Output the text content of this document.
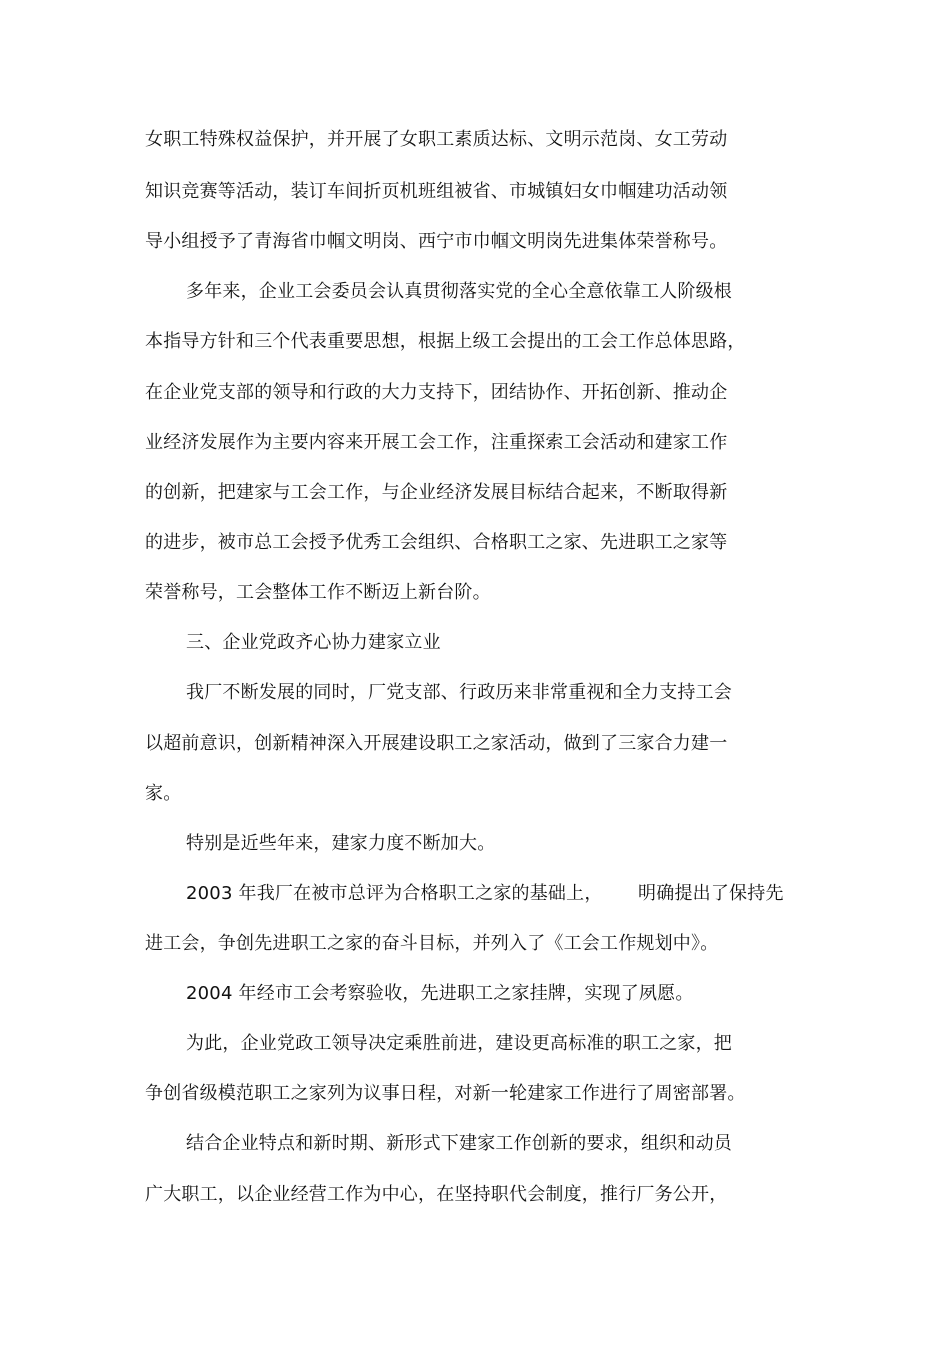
女职工特殊权益保护，并开展了女职工素质达标、文明示范岗、女工劳动
知识竞赛等活动，装订车间折页机班组被省、市城镇妇女巾帼建功活动领
导小组授予了青海省巾帼文明岗、西宁市巾帼文明岗先进集体荣誉称号。
多年来，企业工会委员会认真贯彻落实党的全心全意依靠工人阶级根
本指导方针和三个代表重要思想，根据上级工会提出的工会工作总体思路，
在企业党支部的领导和行政的大力支持下，团结协作、开拓创新、推动企
业经济发展作为主要内容来开展工会工作，注重探索工会活动和建家工作
的创新，把建家与工会工作，与企业经济发展目标结合起来，不断取得新
的进步，被市总工会授予优秀工会组织、合格职工之家、先进职工之家等
荣誉称号，工会整体工作不断迈上新台阶。
三、企业党政齐心协力建家立业
我厂不断发展的同时，厂党支部、行政历来非常重视和全力支持工会
以超前意识，创新精神深入开展建设职工之家活动，做到了三家合力建一
家。
特别是近些年来，建家力度不断加大。
2003 年我厂在被市总评为合格职工之家的基础上，      明确提出了保持先
进工会，争创先进职工之家的奋斗目标，并列入了《工会工作规划中》。
2004 年经市工会考察验收，先进职工之家挂牌，实现了夙愿。
为此，企业党政工领导决定乘胜前进，建设更高标准的职工之家，把
争创省级模范职工之家列为议事日程，对新一轮建家工作进行了周密部署。
结合企业特点和新时期、新形式下建家工作创新的要求，组织和动员
广大职工，以企业经营工作为中心，在坚持职代会制度，推行厂务公开，
